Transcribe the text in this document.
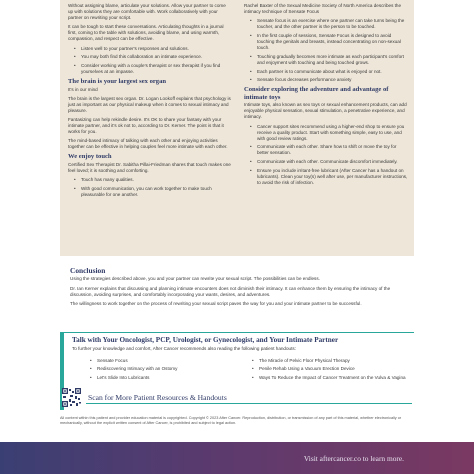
Without assigning blame, articulate your solutions. Allow your partner to come up with solutions they are comfortable with. Work collaboratively with your partner on rewriting your script.

It can be tough to start these conversations. Articulating thoughts in a journal first, coming to the table with solutions, avoiding blame, and using warmth, compassion, and respect can be effective.

• Listen well to your partner's responses and solutions.
• You may both find this collaboration an intimate experience.
• Consider working with a couple's therapist or sex therapist if you find yourselves at an impasse.
The brain is your largest sex organ

It's in our mind

The brain is the largest sex organ. Dr. Logan Lookoff explains that psychology is just as important as our physical makeup when it comes to sexual intimacy and pleasure.

Fantasizing can help rekindle desire. It's OK to share your fantasy with your intimate partner, and it's ok not to, according to Dr. Kerner. The point is that it works for you.

The mind-based intimacy of talking with each other and enjoying activities together can be effective in helping couples feel more intimate with each other.

We enjoy touch

Certified Sex Therapist Dr. Sabitha Pillai-Friedman shares that touch makes one feel loved; it is soothing and comforting.

• Touch has many qualities.
• With good communication, you can work together to make touch pleasurable for one another.

Rachel Baxter of the Sexual Medicine Society of North America describes the intimacy technique of Sensate Focus

• Sensate focus is an exercise where one partner can take turns being the toucher, and the other partner is the person to be touched.
• In the first couple of sessions, Sensate Focus is designed to avoid touching the genitals and breasts, instead concentrating on non-sexual touch.
• Touching gradually becomes more intimate as each participant's comfort and enjoyment with touching and being touched grows.
• Each partner is to communicate about what is enjoyed or not.
• Sensate focus decreases performance anxiety
Consider exploring the adventure and advantage of intimate toys

Intimate toys, also known as sex toys or sexual enhancement products, can add enjoyable physical sensation, sexual stimulation, a penetrative experience, and intimacy.

• Cancer support sites recommend using a higher-end shop to ensure you receive a quality product. Start with something simple, easy to use, and with good review ratings.
• Communicate with each other. Share how to shift or move the toy for better sensation.
• Communicate with each other. Communicate discomfort immediately.
• Ensure you include irritant-free lubricant (After Cancer has a handout on lubricants). Clean your toy(s) well after use, per manufacturer instructions, to avoid the risk of infection.
Conclusion

Using the strategies described above, you and your partner can rewrite your sexual script. The possibilities can be endless.

Dr. Ian Kerner explains that discussing and planning intimate encounters does not diminish their intimacy. It can enhance them by ensuring the intimacy of the discussion, avoiding surprises, and comfortably incorporating your wants, desires, and adventures.

The willingness to work together on the process of rewriting your sexual script paves the way for you and your intimate partner to be successful.

Talk with Your Oncologist, PCP, Urologist, or Gynecologist, and Your Intimate Partner

To further your knowledge and comfort, After Cancer recommends also reading the following patient handouts:

• Sensate Focus
• Rediscovering Intimacy with an Ostomy
• Let's Slide Into Lubricants
• The Miracle of Pelvic Floor Physical Therapy
• Penile Rehab Using a Vacuum Erection Device
• Ways To Reduce the Impact of Cancer Treatment on the Vulva & Vagina
Scan for More Patient Resources & Handouts

All content within this patient and provider education material is copyrighted. Copyright © 2023 After Cancer. Reproduction, distribution, or transmission of any part of this material, whether electronically or mechanically, without the explicit written consent of After Cancer, is prohibited and subject to legal action.

Visit aftercancer.co to learn more.
